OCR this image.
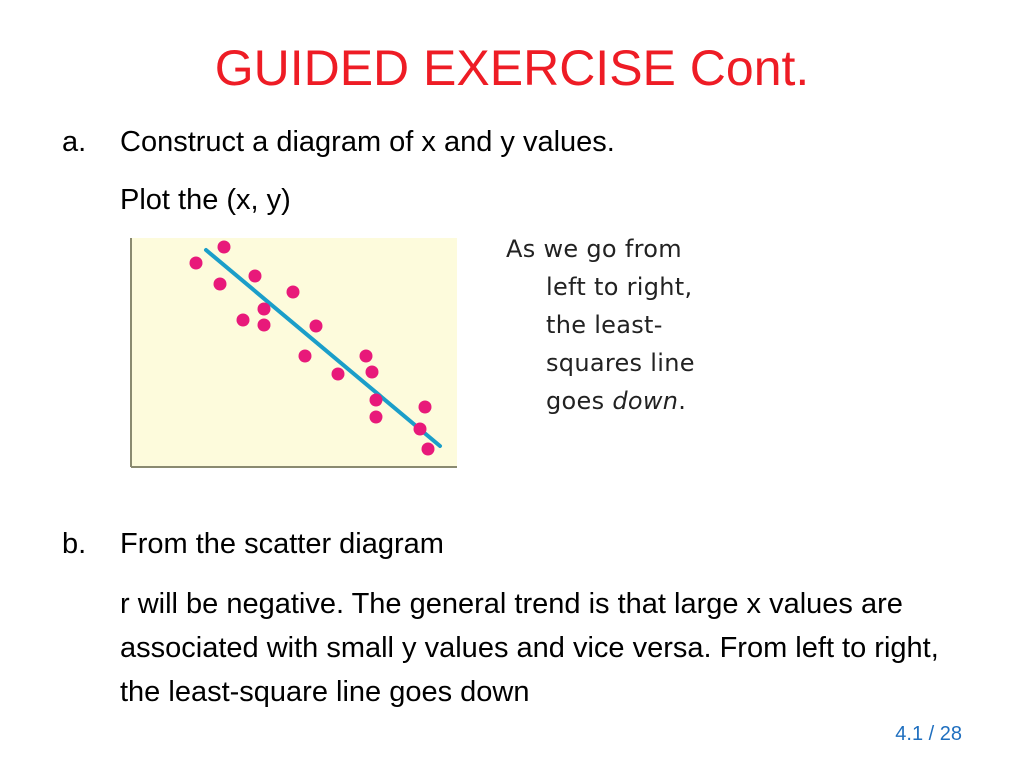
GUIDED EXERCISE Cont.
a. Construct a diagram of x and y values.
Plot the (x, y)
As we go from
left to right,
the least-
squares line
goes down.
b. From the scatter diagram
r will be negative. The general trend is that large x values are associated with small y values and vice versa. From left to right, the least-square line goes down
4.1 / 28
